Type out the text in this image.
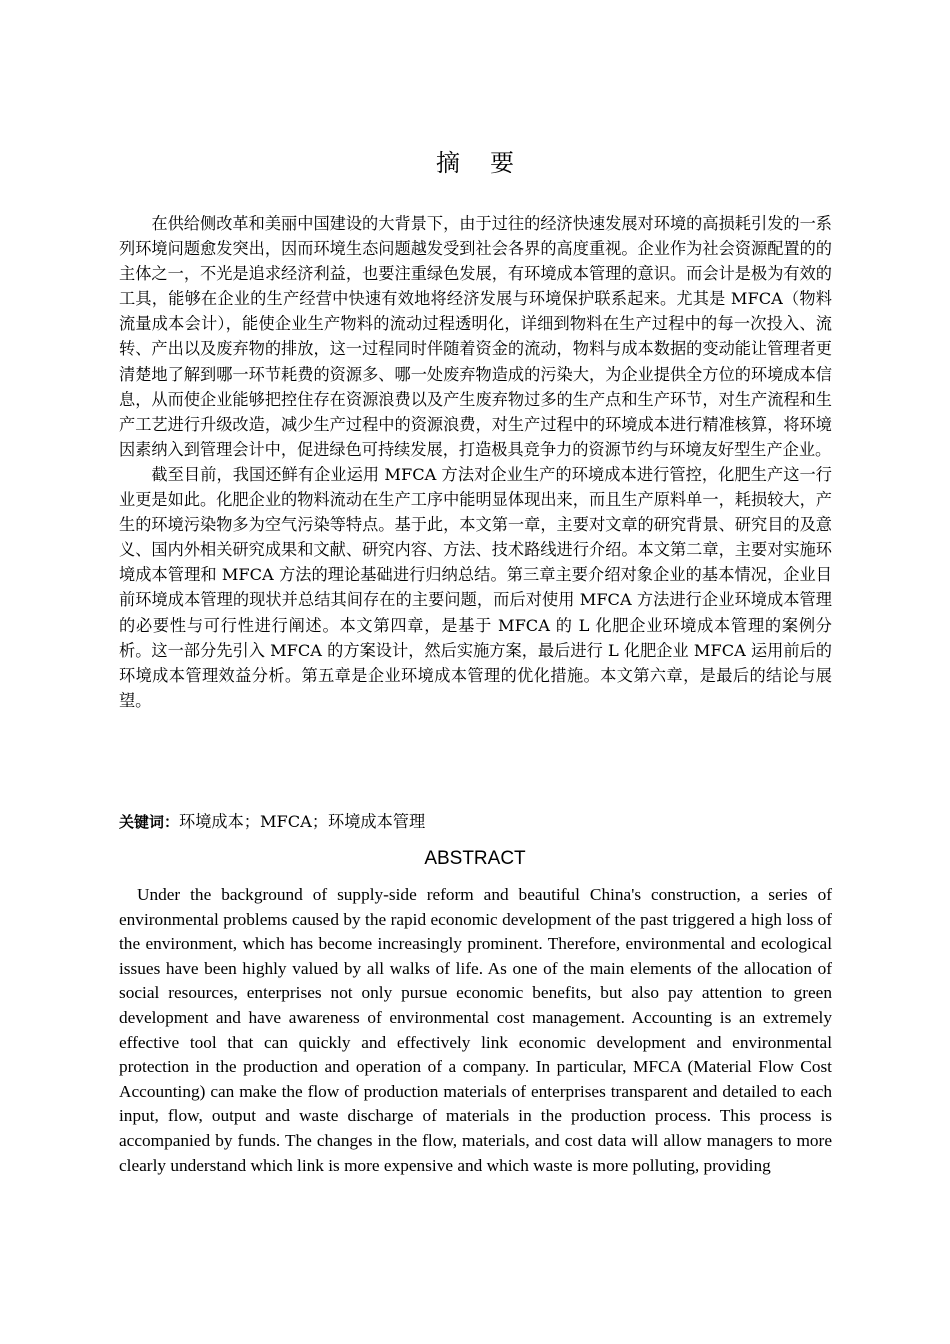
摘要

在供给侧改革和美丽中国建设的大背景下，由于过往的经济快速发展对环境的高损耗引发的一系列环境问题愈发突出，因而环境生态问题越发受到社会各界的高度重视。企业作为社会资源配置的的主体之一，不光是追求经济利益，也要注重绿色发展，有环境成本管理的意识。而会计是极为有效的工具，能够在企业的生产经营中快速有效地将经济发展与环境保护联系起来。尤其是 MFCA（物料流量成本会计），能使企业生产物料的流动过程透明化，详细到物料在生产过程中的每一次投入、流转、产出以及废弃物的排放，这一过程同时伴随着资金的流动，物料与成本数据的变动能让管理者更清楚地了解到哪一环节耗费的资源多、哪一处废弃物造成的污染大，为企业提供全方位的环境成本信息，从而使企业能够把控住存在资源浪费以及产生废弃物过多的生产点和生产环节，对生产流程和生产工艺进行升级改造，减少生产过程中的资源浪费，对生产过程中的环境成本进行精准核算，将环境因素纳入到管理会计中，促进绿色可持续发展，打造极具竞争力的资源节约与环境友好型生产企业。

截至目前，我国还鲜有企业运用 MFCA 方法对企业生产的环境成本进行管控，化肥生产这一行业更是如此。化肥企业的物料流动在生产工序中能明显体现出来，而且生产原料单一，耗损较大，产生的环境污染物多为空气污染等特点。基于此，本文第一章，主要对文章的研究背景、研究目的及意义、国内外相关研究成果和文献、研究内容、方法、技术路线进行介绍。本文第二章，主要对实施环境成本管理和 MFCA 方法的理论基础进行归纳总结。第三章主要介绍对象企业的基本情况，企业目前环境成本管理的现状并总结其间存在的主要问题，而后对使用 MFCA 方法进行企业环境成本管理的必要性与可行性进行阐述。本文第四章，是基于 MFCA 的 L 化肥企业环境成本管理的案例分析。这一部分先引入 MFCA 的方案设计，然后实施方案，最后进行 L 化肥企业 MFCA 运用前后的环境成本管理效益分析。第五章是企业环境成本管理的优化措施。本文第六章，是最后的结论与展望。

关键词：环境成本；MFCA；环境成本管理
ABSTRACT

Under the background of supply-side reform and beautiful China's construction, a series of environmental problems caused by the rapid economic development of the past triggered a high loss of the environment, which has become increasingly prominent. Therefore, environmental and ecological issues have been highly valued by all walks of life. As one of the main elements of the allocation of social resources, enterprises not only pursue economic benefits, but also pay attention to green development and have awareness of environmental cost management. Accounting is an extremely effective tool that can quickly and effectively link economic development and environmental protection in the production and operation of a company. In particular, MFCA (Material Flow Cost Accounting) can make the flow of production materials of enterprises transparent and detailed to each input, flow, output and waste discharge of materials in the production process. This process is accompanied by funds. The changes in the flow, materials, and cost data will allow managers to more clearly understand which link is more expensive and which waste is more polluting, providing
